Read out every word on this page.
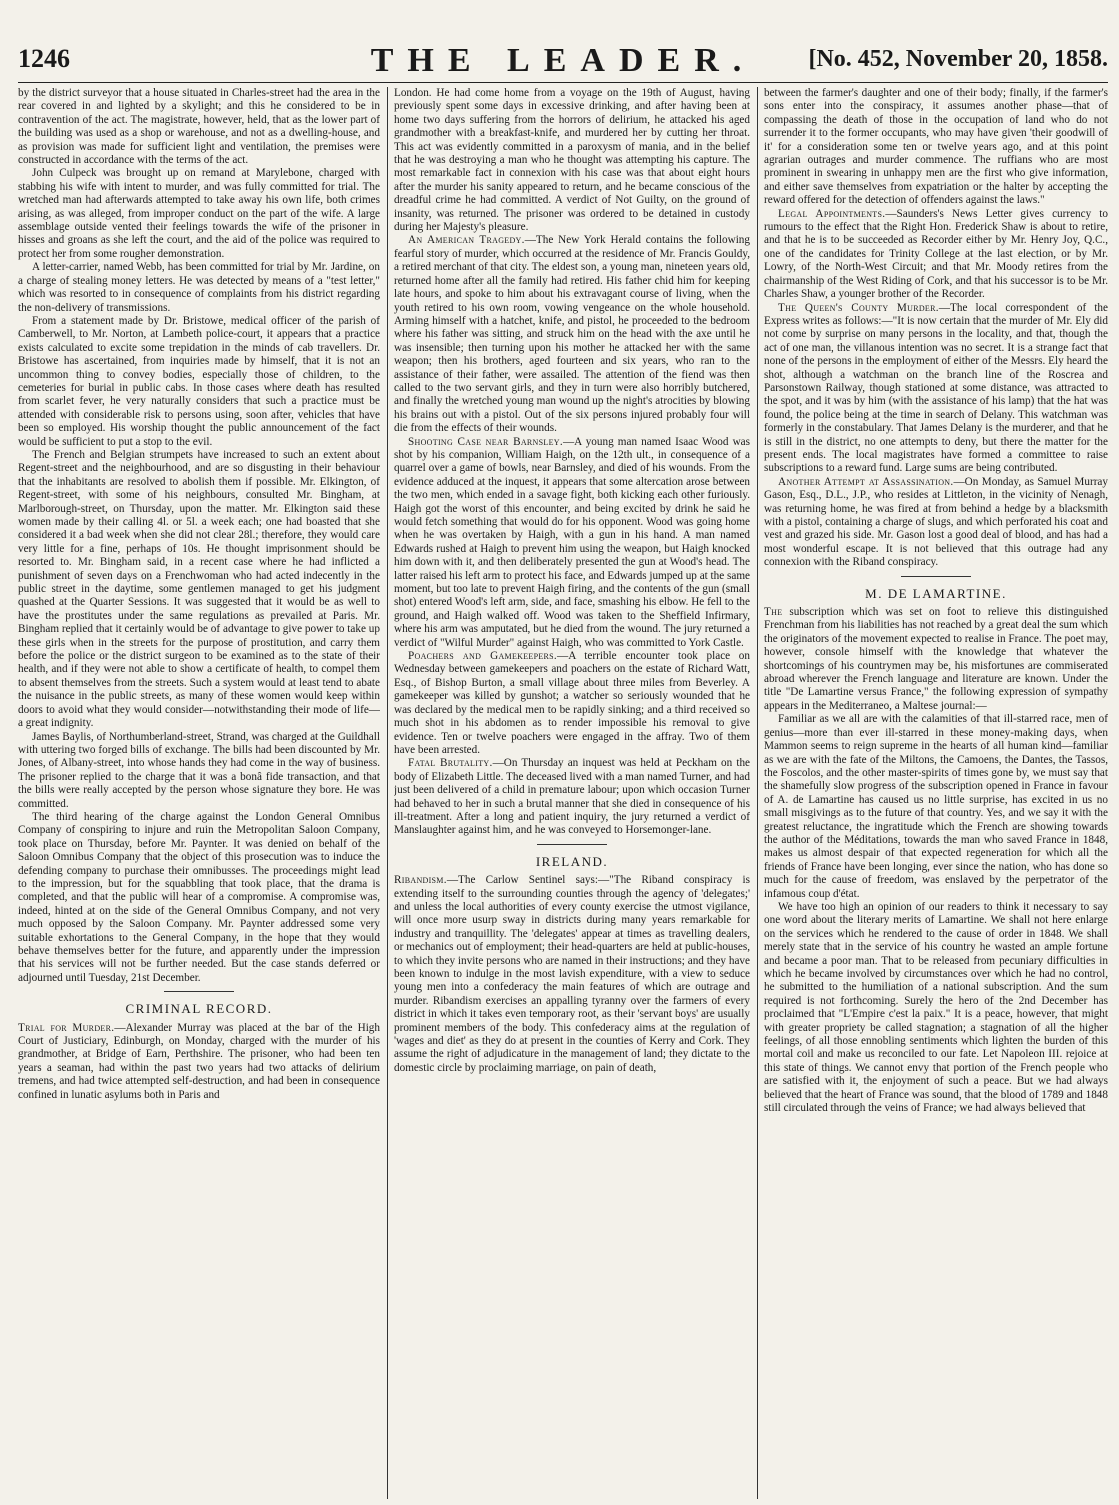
1246	THE LEADER.	[No. 452, November 20, 1858.

by the district surveyor that a house situated in Charles-street had the area in the rear covered in and lighted by a skylight; and this he considered to be in contravention of the act. The magistrate, however, held, that as the lower part of the building was used as a shop or warehouse, and not as a dwelling-house, and as provision was made for sufficient light and ventilation, the premises were constructed in accordance with the terms of the act.

John Culpeck was brought up on remand at Marylebone, charged with stabbing his wife with intent to murder, and was fully committed for trial. The wretched man had afterwards attempted to take away his own life, both crimes arising, as was alleged, from improper conduct on the part of the wife. A large assemblage outside vented their feelings towards the wife of the prisoner in hisses and groans as she left the court, and the aid of the police was required to protect her from some rougher demonstration.

A letter-carrier, named Webb, has been committed for trial by Mr. Jardine, on a charge of stealing money letters. He was detected by means of a "test letter," which was resorted to in consequence of complaints from his district regarding the non-delivery of transmissions.

From a statement made by Dr. Bristowe, medical officer of the parish of Camberwell, to Mr. Norton, at Lambeth police-court, it appears that a practice exists calculated to excite some trepidation in the minds of cab travellers. Dr. Bristowe has ascertained, from inquiries made by himself, that it is not an uncommon thing to convey bodies, especially those of children, to the cemeteries for burial in public cabs. In those cases where death has resulted from scarlet fever, he very naturally considers that such a practice must be attended with considerable risk to persons using, soon after, vehicles that have been so employed. His worship thought the public announcement of the fact would be sufficient to put a stop to the evil.

The French and Belgian strumpets have increased to such an extent about Regent-street and the neighbourhood, and are so disgusting in their behaviour that the inhabitants are resolved to abolish them if possible. Mr. Elkington, of Regent-street, with some of his neighbours, consulted Mr. Bingham, at Marlborough-street, on Thursday, upon the matter. Mr. Elkington said these women made by their calling 4l. or 5l. a week each; one had boasted that she considered it a bad week when she did not clear 28l.; therefore, they would care very little for a fine, perhaps of 10s. He thought imprisonment should be resorted to. Mr. Bingham said, in a recent case where he had inflicted a punishment of seven days on a Frenchwoman who had acted indecently in the public street in the daytime, some gentlemen managed to get his judgment quashed at the Quarter Sessions. It was suggested that it would be as well to have the prostitutes under the same regulations as prevailed at Paris. Mr. Bingham replied that it certainly would be of advantage to give power to take up these girls when in the streets for the purpose of prostitution, and carry them before the police or the district surgeon to be examined as to the state of their health, and if they were not able to show a certificate of health, to compel them to absent themselves from the streets. Such a system would at least tend to abate the nuisance in the public streets, as many of these women would keep within doors to avoid what they would consider—notwithstanding their mode of life—a great indignity.

James Baylis, of Northumberland-street, Strand, was charged at the Guildhall with uttering two forged bills of exchange. The bills had been discounted by Mr. Jones, of Albany-street, into whose hands they had come in the way of business. The prisoner replied to the charge that it was a bonâ fide transaction, and that the bills were really accepted by the person whose signature they bore. He was committed.

The third hearing of the charge against the London General Omnibus Company of conspiring to injure and ruin the Metropolitan Saloon Company, took place on Thursday, before Mr. Paynter. It was denied on behalf of the Saloon Omnibus Company that the object of this prosecution was to induce the defending company to purchase their omnibusses. The proceedings might lead to the impression, but for the squabbling that took place, that the drama is completed, and that the public will hear of a compromise. A compromise was, indeed, hinted at on the side of the General Omnibus Company, and not very much opposed by the Saloon Company. Mr. Paynter addressed some very suitable exhortations to the General Company, in the hope that they would behave themselves better for the future, and apparently under the impression that his services will not be further needed. But the case stands deferred or adjourned until Tuesday, 21st December.

CRIMINAL RECORD.

Trial for Murder.—Alexander Murray was placed at the bar of the High Court of Justiciary, Edinburgh, on Monday, charged with the murder of his grandmother, at Bridge of Earn, Perthshire. The prisoner, who had been ten years a seaman, had within the past two years had two attacks of delirium tremens, and had twice attempted self-destruction, and had been in consequence confined in lunatic asylums both in Paris and

London. He had come home from a voyage on the 19th of August, having previously spent some days in excessive drinking, and after having been at home two days suffering from the horrors of delirium, he attacked his aged grandmother with a breakfast-knife, and murdered her by cutting her throat. This act was evidently committed in a paroxysm of mania, and in the belief that he was destroying a man who he thought was attempting his capture. The most remarkable fact in connexion with his case was that about eight hours after the murder his sanity appeared to return, and he became conscious of the dreadful crime he had committed. A verdict of Not Guilty, on the ground of insanity, was returned. The prisoner was ordered to be detained in custody during her Majesty's pleasure.

An American Tragedy.—The New York Herald contains the following fearful story of murder, which occurred at the residence of Mr. Francis Gouldy, a retired merchant of that city. The eldest son, a young man, nineteen years old, returned home after all the family had retired. His father chid him for keeping late hours, and spoke to him about his extravagant course of living, when the youth retired to his own room, vowing vengeance on the whole household. Arming himself with a hatchet, knife, and pistol, he proceeded to the bedroom where his father was sitting, and struck him on the head with the axe until he was insensible; then turning upon his mother he attacked her with the same weapon; then his brothers, aged fourteen and six years, who ran to the assistance of their father, were assailed. The attention of the fiend was then called to the two servant girls, and they in turn were also horribly butchered, and finally the wretched young man wound up the night's atrocities by blowing his brains out with a pistol. Out of the six persons injured probably four will die from the effects of their wounds.

Shooting Case near Barnsley.—A young man named Isaac Wood was shot by his companion, William Haigh, on the 12th ult., in consequence of a quarrel over a game of bowls, near Barnsley, and died of his wounds. From the evidence adduced at the inquest, it appears that some altercation arose between the two men, which ended in a savage fight, both kicking each other furiously. Haigh got the worst of this encounter, and being excited by drink he said he would fetch something that would do for his opponent. Wood was going home when he was overtaken by Haigh, with a gun in his hand. A man named Edwards rushed at Haigh to prevent him using the weapon, but Haigh knocked him down with it, and then deliberately presented the gun at Wood's head. The latter raised his left arm to protect his face, and Edwards jumped up at the same moment, but too late to prevent Haigh firing, and the contents of the gun (small shot) entered Wood's left arm, side, and face, smashing his elbow. He fell to the ground, and Haigh walked off. Wood was taken to the Sheffield Infirmary, where his arm was amputated, but he died from the wound. The jury returned a verdict of "Wilful Murder" against Haigh, who was committed to York Castle.

Poachers and Gamekeepers.—A terrible encounter took place on Wednesday between gamekeepers and poachers on the estate of Richard Watt, Esq., of Bishop Burton, a small village about three miles from Beverley. A gamekeeper was killed by gunshot; a watcher so seriously wounded that he was declared by the medical men to be rapidly sinking; and a third received so much shot in his abdomen as to render impossible his removal to give evidence. Ten or twelve poachers were engaged in the affray. Two of them have been arrested.

Fatal Brutality.—On Thursday an inquest was held at Peckham on the body of Elizabeth Little. The deceased lived with a man named Turner, and had just been delivered of a child in premature labour; upon which occasion Turner had behaved to her in such a brutal manner that she died in consequence of his ill-treatment. After a long and patient inquiry, the jury returned a verdict of Manslaughter against him, and he was conveyed to Horsemonger-lane.

IRELAND.

Ribandism.—The Carlow Sentinel says:—"The Riband conspiracy is extending itself to the surrounding counties through the agency of 'delegates;' and unless the local authorities of every county exercise the utmost vigilance, will once more usurp sway in districts during many years remarkable for industry and tranquillity. The 'delegates' appear at times as travelling dealers, or mechanics out of employment; their head-quarters are held at public-houses, to which they invite persons who are named in their instructions; and they have been known to indulge in the most lavish expenditure, with a view to seduce young men into a confederacy the main features of which are outrage and murder. Ribandism exercises an appalling tyranny over the farmers of every district in which it takes even temporary root, as their 'servant boys' are usually prominent members of the body. This confederacy aims at the regulation of 'wages and diet' as they do at present in the counties of Kerry and Cork. They assume the right of adjudicature in the management of land; they dictate to the domestic circle by proclaiming marriage, on pain of death,

between the farmer's daughter and one of their body; finally, if the farmer's sons enter into the conspiracy, it assumes another phase—that of compassing the death of those in the occupation of land who do not surrender it to the former occupants, who may have given 'their goodwill of it' for a consideration some ten or twelve years ago, and at this point agrarian outrages and murder commence. The ruffians who are most prominent in swearing in unhappy men are the first who give information, and either save themselves from expatriation or the halter by accepting the reward offered for the detection of offenders against the laws."

Legal Appointments.—Saunders's News Letter gives currency to rumours to the effect that the Right Hon. Frederick Shaw is about to retire, and that he is to be succeeded as Recorder either by Mr. Henry Joy, Q.C., one of the candidates for Trinity College at the last election, or by Mr. Lowry, of the North-West Circuit; and that Mr. Moody retires from the chairmanship of the West Riding of Cork, and that his successor is to be Mr. Charles Shaw, a younger brother of the Recorder.

The Queen's County Murder.—The local correspondent of the Express writes as follows:—"It is now certain that the murder of Mr. Ely did not come by surprise on many persons in the locality, and that, though the act of one man, the villanous intention was no secret. It is a strange fact that none of the persons in the employment of either of the Messrs. Ely heard the shot, although a watchman on the branch line of the Roscrea and Parsonstown Railway, though stationed at some distance, was attracted to the spot, and it was by him (with the assistance of his lamp) that the hat was found, the police being at the time in search of Delany. This watchman was formerly in the constabulary. That James Delany is the murderer, and that he is still in the district, no one attempts to deny, but there the matter for the present ends. The local magistrates have formed a committee to raise subscriptions to a reward fund. Large sums are being contributed.

Another Attempt at Assassination.—On Monday, as Samuel Murray Gason, Esq., D.L., J.P., who resides at Littleton, in the vicinity of Nenagh, was returning home, he was fired at from behind a hedge by a blacksmith with a pistol, containing a charge of slugs, and which perforated his coat and vest and grazed his side. Mr. Gason lost a good deal of blood, and has had a most wonderful escape. It is not believed that this outrage had any connexion with the Riband conspiracy.

M. DE LAMARTINE.

The subscription which was set on foot to relieve this distinguished Frenchman from his liabilities has not reached by a great deal the sum which the originators of the movement expected to realise in France. The poet may, however, console himself with the knowledge that whatever the shortcomings of his countrymen may be, his misfortunes are commiserated abroad wherever the French language and literature are known. Under the title "De Lamartine versus France," the following expression of sympathy appears in the Mediterraneo, a Maltese journal:—

Familiar as we all are with the calamities of that ill-starred race, men of genius—more than ever ill-starred in these money-making days, when Mammon seems to reign supreme in the hearts of all human kind—familiar as we are with the fate of the Miltons, the Camoens, the Dantes, the Tassos, the Foscolos, and the other master-spirits of times gone by, we must say that the shamefully slow progress of the subscription opened in France in favour of A. de Lamartine has caused us no little surprise, has excited in us no small misgivings as to the future of that country. Yes, and we say it with the greatest reluctance, the ingratitude which the French are showing towards the author of the Méditations, towards the man who saved France in 1848, makes us almost despair of that expected regeneration for which all the friends of France have been longing, ever since the nation, who has done so much for the cause of freedom, was enslaved by the perpetrator of the infamous coup d'état.

We have too high an opinion of our readers to think it necessary to say one word about the literary merits of Lamartine. We shall not here enlarge on the services which he rendered to the cause of order in 1848. We shall merely state that in the service of his country he wasted an ample fortune and became a poor man. That to be released from pecuniary difficulties in which he became involved by circumstances over which he had no control, he submitted to the humiliation of a national subscription. And the sum required is not forthcoming. Surely the hero of the 2nd December has proclaimed that "L'Empire c'est la paix." It is a peace, however, that might with greater propriety be called stagnation; a stagnation of all the higher feelings, of all those ennobling sentiments which lighten the burden of this mortal coil and make us reconciled to our fate. Let Napoleon III. rejoice at this state of things. We cannot envy that portion of the French people who are satisfied with it, the enjoyment of such a peace. But we had always believed that the heart of France was sound, that the blood of 1789 and 1848 still circulated through the veins of France; we had always believed that
